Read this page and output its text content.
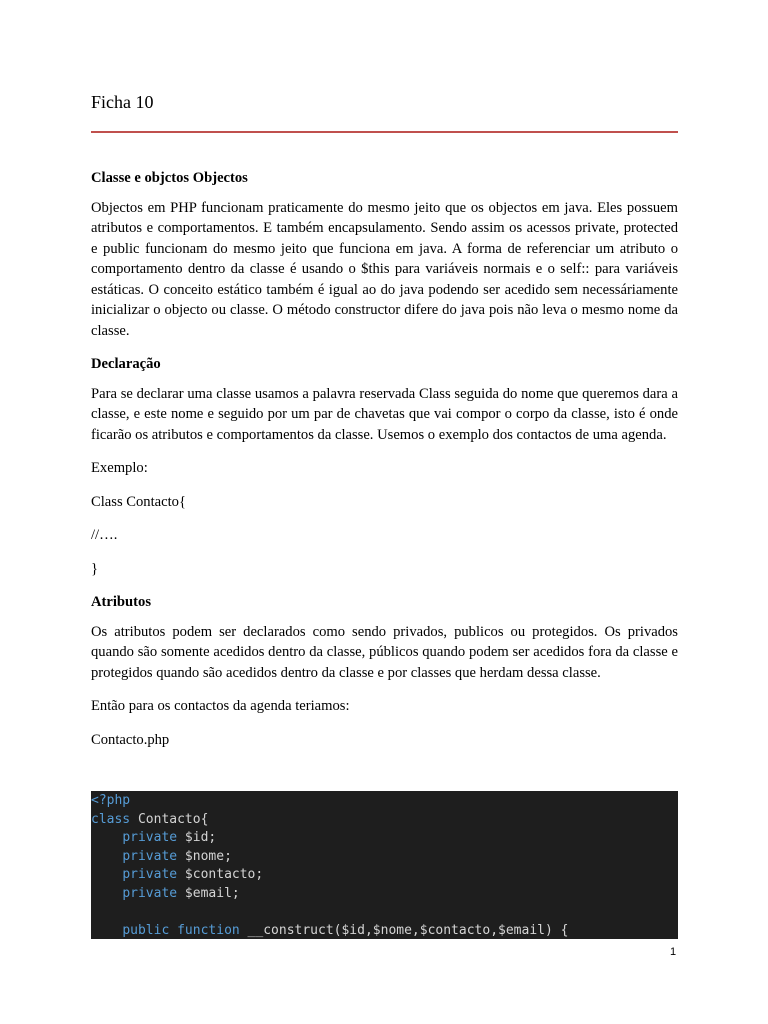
Ficha 10
Classe e objctos Objectos

Objectos em PHP funcionam praticamente do mesmo jeito que os objectos em java. Eles possuem atributos e comportamentos. E também encapsulamento. Sendo assim os acessos private, protected e public funcionam do mesmo jeito que funciona em java. A forma de referenciar um atributo o comportamento dentro da classe é usando o $this para variáveis normais e o self:: para variáveis estáticas. O conceito estático também é igual ao do java podendo ser acedido sem necessáriamente inicializar o objecto ou classe. O método constructor difere do java pois não leva o mesmo nome da classe.

Declaração

Para se declarar uma classe usamos a palavra reservada Class seguida do nome que queremos dara a classe, e este nome e seguido por um par de chavetas que vai compor o corpo da classe, isto é onde ficarão os atributos e comportamentos da classe. Usemos o exemplo dos contactos de uma agenda.

Exemplo:

Class Contacto{

//….

}

Atributos

Os atributos podem ser declarados como sendo privados, publicos ou protegidos. Os privados quando são somente acedidos dentro da classe, públicos quando podem ser acedidos fora da classe e protegidos quando são acedidos dentro da classe e por classes que herdam dessa classe.

Então para os contactos da agenda teriamos:

Contacto.php

<?php
class Contacto{
private $id;
private $nome;
private $contacto;
private $email;
public function __construct($id,$nome,$contacto,$email) {
1
